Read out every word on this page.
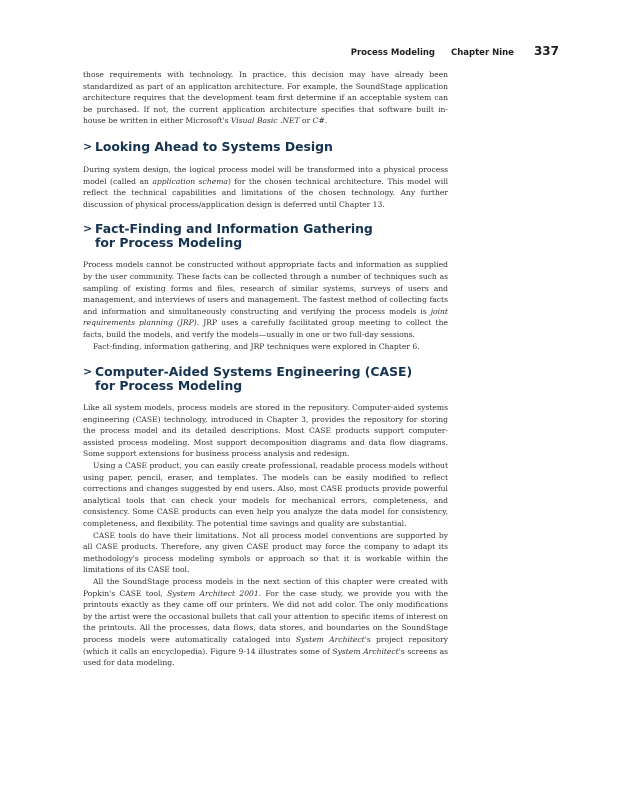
Process Modeling Chapter Nine 337

those requirements with technology. In practice, this decision may have already been standardized as part of an application architecture. For example, the SoundStage application architecture requires that the development team first determine if an acceptable system can be purchased. If not, the current application architecture specifies that software built in-house be written in either Microsoft's Visual Basic .NET or C#.

> Looking Ahead to Systems Design

During system design, the logical process model will be transformed into a physical process model (called an application schema) for the chosen technical architecture. This model will reflect the technical capabilities and limitations of the chosen technology. Any further discussion of physical process/application design is deferred until Chapter 13.

> Fact-Finding and Information Gathering
for Process Modeling

Process models cannot be constructed without appropriate facts and information as supplied by the user community. These facts can be collected through a number of techniques such as sampling of existing forms and files, research of similar systems, surveys of users and management, and interviews of users and management. The fastest method of collecting facts and information and simultaneously constructing and verifying the process models is joint requirements planning (JRP). JRP uses a carefully facilitated group meeting to collect the facts, build the models, and verify the models—usually in one or two full-day sessions.

Fact-finding, information gathering, and JRP techniques were explored in Chapter 6.

> Computer-Aided Systems Engineering (CASE)
for Process Modeling

Like all system models, process models are stored in the repository. Computer-aided systems engineering (CASE) technology, introduced in Chapter 3, provides the repository for storing the process model and its detailed descriptions. Most CASE products support computer-assisted process modeling. Most support decomposition diagrams and data flow diagrams. Some support extensions for business process analysis and redesign.

Using a CASE product, you can easily create professional, readable process models without using paper, pencil, eraser, and templates. The models can be easily modified to reflect corrections and changes suggested by end users. Also, most CASE products provide powerful analytical tools that can check your models for mechanical errors, completeness, and consistency. Some CASE products can even help you analyze the data model for consistency, completeness, and flexibility. The potential time savings and quality are substantial.

CASE tools do have their limitations. Not all process model conventions are supported by all CASE products. Therefore, any given CASE product may force the company to adapt its methodology's process modeling symbols or approach so that it is workable within the limitations of its CASE tool.

All the SoundStage process models in the next section of this chapter were created with Popkin's CASE tool, System Architect 2001. For the case study, we provide you with the printouts exactly as they came off our printers. We did not add color. The only modifications by the artist were the occasional bullets that call your attention to specific items of interest on the printouts. All the processes, data flows, data stores, and boundaries on the SoundStage process models were automatically cataloged into System Architect's project repository (which it calls an encyclopedia). Figure 9-14 illustrates some of System Architect's screens as used for data modeling.
